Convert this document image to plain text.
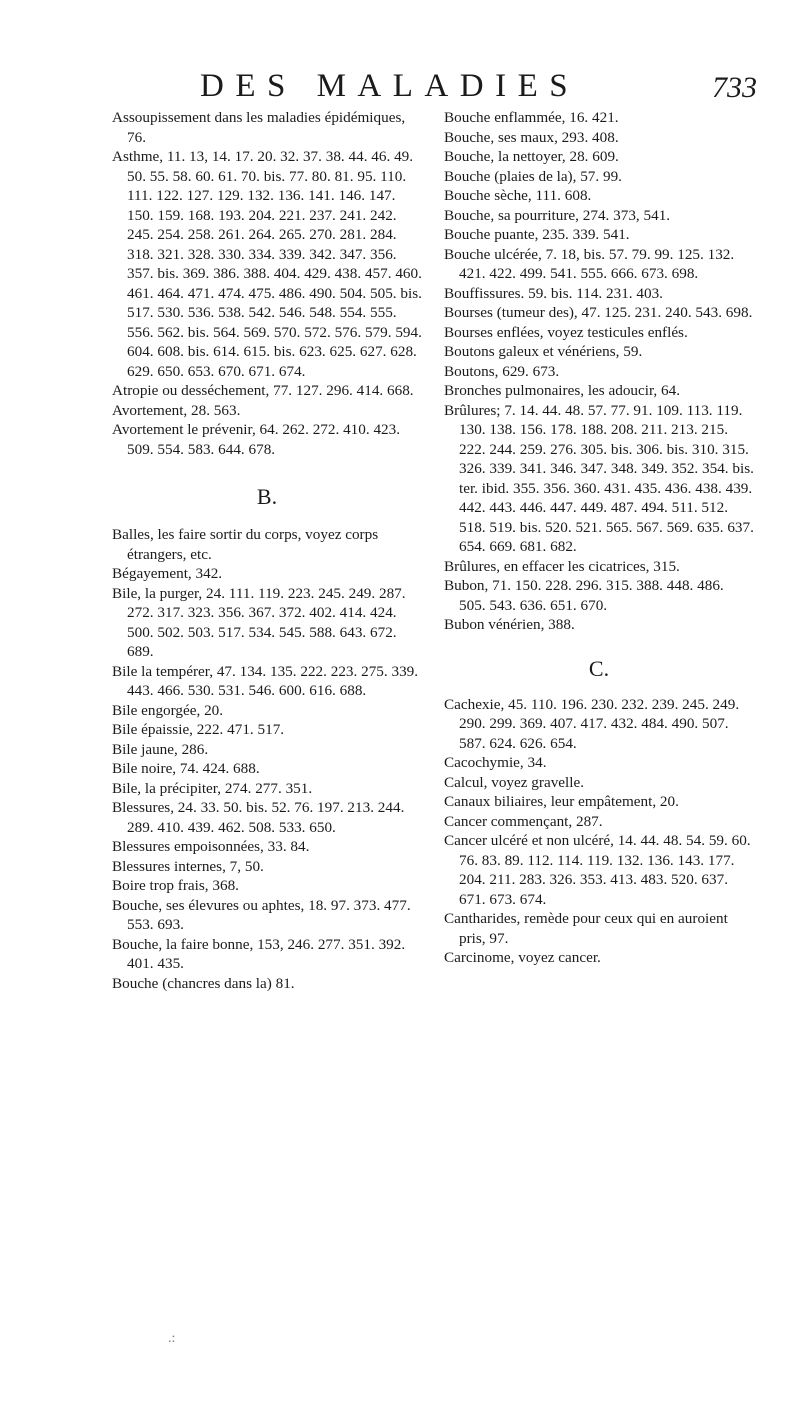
DES MALADIES	733
Assoupissement dans les maladies épidémiques, 76.
Asthme, 11. 13, 14. 17. 20. 32. 37. 38. 44. 46. 49. 50. 55. 58. 60. 61. 70. bis. 77. 80. 81. 95. 110. 111. 122. 127. 129. 132. 136. 141. 146. 147. 150. 159. 168. 193. 204. 221. 237. 241. 242. 245. 254. 258. 261. 264. 265. 270. 281. 284. 318. 321. 328. 330. 334. 339. 342. 347. 356. 357. bis. 369. 386. 388. 404. 429. 438. 457. 460. 461. 464. 471. 474. 475. 486. 490. 504. 505. bis. 517. 530. 536. 538. 542. 546. 548. 554. 555. 556. 562. bis. 564. 569. 570. 572. 576. 579. 594. 604. 608. bis. 614. 615. bis. 623. 625. 627. 628. 629. 650. 653. 670. 671. 674.
Atropie ou desséchement, 77. 127. 296. 414. 668.
Avortement, 28. 563.
Avortement le prévenir, 64. 262. 272. 410. 423. 509. 554. 583. 644. 678.
B.
Balles, les faire sortir du corps, voyez corps étrangers, etc.
Bégayement, 342.
Bile, la purger, 24. 111. 119. 223. 245. 249. 287. 272. 317. 323. 356. 367. 372. 402. 414. 424. 500. 502. 503. 517. 534. 545. 588. 643. 672. 689.
Bile la tempérer, 47. 134. 135. 222. 223. 275. 339. 443. 466. 530. 531. 546. 600. 616. 688.
Bile engorgée, 20.
Bile épaissie, 222. 471. 517.
Bile jaune, 286.
Bile noire, 74. 424. 688.
Bile, la précipiter, 274. 277. 351.
Blessures, 24. 33. 50. bis. 52. 76. 197. 213. 244. 289. 410. 439. 462. 508. 533. 650.
Blessures empoisonnées, 33. 84.
Blessures internes, 7, 50.
Boire trop frais, 368.
Bouche, ses élevures ou aphtes, 18. 97. 373. 477. 553. 693.
Bouche, la faire bonne, 153, 246. 277. 351. 392. 401. 435.
Bouche (chancres dans la) 81.
Bouche enflammée, 16. 421.
Bouche, ses maux, 293. 408.
Bouche, la nettoyer, 28. 609.
Bouche (plaies de la), 57. 99.
Bouche sèche, 111. 608.
Bouche, sa pourriture, 274. 373, 541.
Bouche puante, 235. 339. 541.
Bouche ulcérée, 7. 18, bis. 57. 79. 99. 125. 132. 421. 422. 499. 541. 555. 666. 673. 698.
Bouffissures. 59. bis. 114. 231. 403.
Bourses (tumeur des), 47. 125. 231. 240. 543. 698.
Bourses enflées, voyez testicules enflés.
Boutons galeux et vénériens, 59.
Boutons, 629. 673.
Bronches pulmonaires, les adoucir, 64.
Brûlures; 7. 14. 44. 48. 57. 77. 91. 109. 113. 119. 130. 138. 156. 178. 188. 208. 211. 213. 215. 222. 244. 259. 276. 305. bis. 306. bis. 310. 315. 326. 339. 341. 346. 347. 348. 349. 352. 354. bis. ter. ibid. 355. 356. 360. 431. 435. 436. 438. 439. 442. 443. 446. 447. 449. 487. 494. 511. 512. 518. 519. bis. 520. 521. 565. 567. 569. 635. 637. 654. 669. 681. 682.
Brûlures, en effacer les cicatrices, 315.
Bubon, 71. 150. 228. 296. 315. 388. 448. 486. 505. 543. 636. 651. 670.
Bubon vénérien, 388.
C.
Cachexie, 45. 110. 196. 230. 232. 239. 245. 249. 290. 299. 369. 407. 417. 432. 484. 490. 507. 587. 624. 626. 654.
Cacochymie, 34.
Calcul, voyez gravelle.
Canaux biliaires, leur empâtement, 20.
Cancer commençant, 287.
Cancer ulcéré et non ulcéré, 14. 44. 48. 54. 59. 60. 76. 83. 89. 112. 114. 119. 132. 136. 143. 177. 204. 211. 283. 326. 353. 413. 483. 520. 637. 671. 673. 674.
Cantharides, remède pour ceux qui en auroient pris, 97.
Carcinome, voyez cancer.
.:
